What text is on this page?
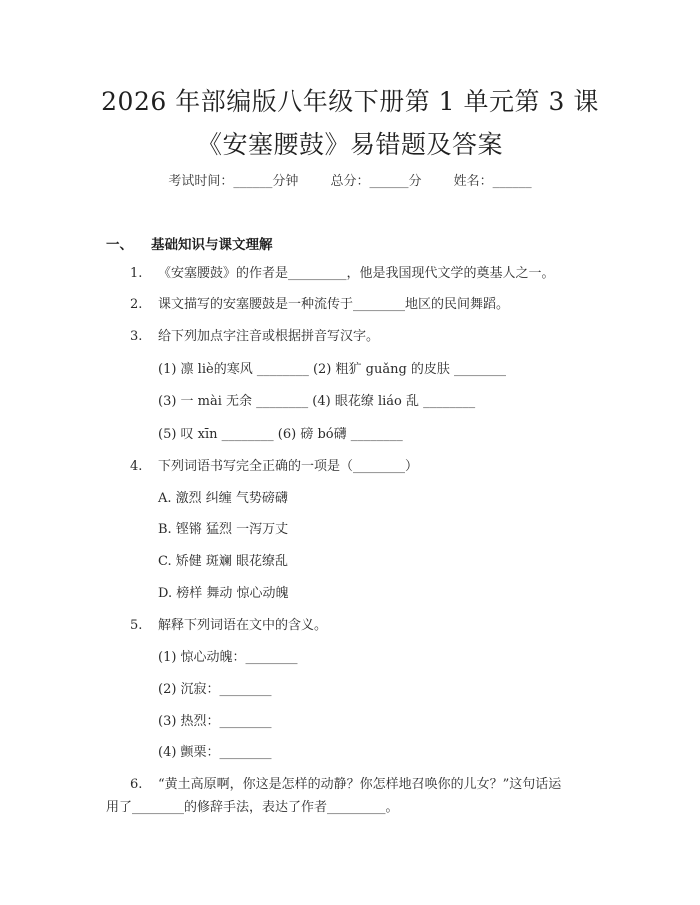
2026 年部编版八年级下册第 1 单元第 3 课
《安塞腰鼓》易错题及答案
考试时间：______分钟 总分：______分 姓名：______
一、 基础知识与课文理解
1. 《安塞腰鼓》的作者是_________，他是我国现代文学的奠基人之一。
2. 课文描写的安塞腰鼓是一种流传于________地区的民间舞蹈。
3. 给下列加点字注音或根据拼音写汉字。
(1) 凛 liè的寒风 ________ (2) 粗犷 guǎng 的皮肤 ________
(3) 一 mài 无余 ________ (4) 眼花缭 liáo 乱 ________
(5) 叹 xīn ________ (6) 磅 bó礴 ________
4. 下列词语书写完全正确的一项是（________）
A. 激烈 纠缠 气势磅礴
B. 铿锵 猛烈 一泻万丈
C. 矫健 斑斓 眼花缭乱
D. 榜样 舞动 惊心动魄
5. 解释下列词语在文中的含义。
(1) 惊心动魄：________
(2) 沉寂：________
(3) 热烈：________
(4) 颤栗：________
6. “黄土高原啊，你这是怎样的动静？你怎样地召唤你的儿女？”这句话运
用了________的修辞手法，表达了作者_________。
